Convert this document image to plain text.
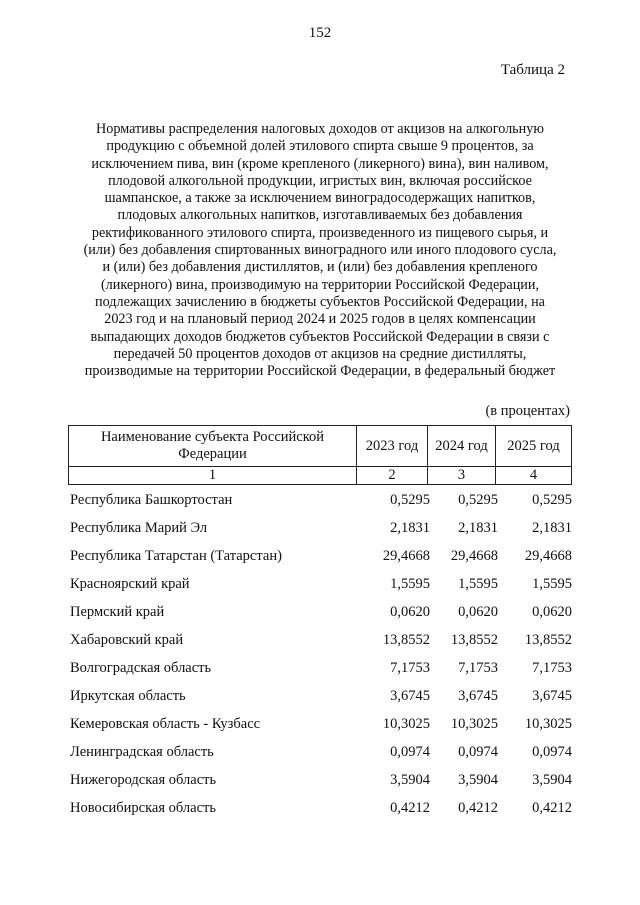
152
Таблица 2
Нормативы распределения налоговых доходов от акцизов на алкогольную
продукцию с объемной долей этилового спирта свыше 9 процентов, за
исключением пива, вин (кроме крепленого (ликерного) вина), вин наливом,
плодовой алкогольной продукции, игристых вин, включая российское
шампанское, а также за исключением виноградосодержащих напитков,
плодовых алкогольных напитков, изготавливаемых без добавления
ректификованного этилового спирта, произведенного из пищевого сырья, и
(или) без добавления спиртованных виноградного или иного плодового сусла,
и (или) без добавления дистиллятов, и (или) без добавления крепленого
(ликерного) вина, производимую на территории Российской Федерации,
подлежащих зачислению в бюджеты субъектов Российской Федерации, на
2023 год и на плановый период 2024 и 2025 годов в целях компенсации
выпадающих доходов бюджетов субъектов Российской Федерации в связи с
передачей 50 процентов доходов от акцизов на средние дистилляты,
производимые на территории Российской Федерации, в федеральный бюджет
(в процентах)
Наименование субъекта Российской Федерации	2023 год	2024 год	2025 год
1	2	3	4
Республика Башкортостан	0,5295	0,5295	0,5295
Республика Марий Эл	2,1831	2,1831	2,1831
Республика Татарстан (Татарстан)	29,4668	29,4668	29,4668
Красноярский край	1,5595	1,5595	1,5595
Пермский край	0,0620	0,0620	0,0620
Хабаровский край	13,8552	13,8552	13,8552
Волгоградская область	7,1753	7,1753	7,1753
Иркутская область	3,6745	3,6745	3,6745
Кемеровская область - Кузбасс	10,3025	10,3025	10,3025
Ленинградская область	0,0974	0,0974	0,0974
Нижегородская область	3,5904	3,5904	3,5904
Новосибирская область	0,4212	0,4212	0,4212
